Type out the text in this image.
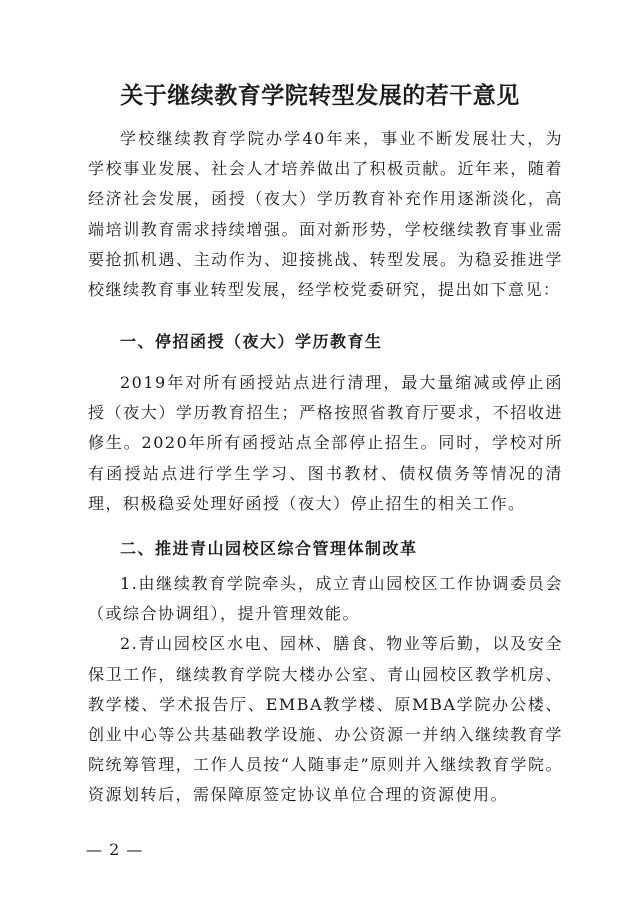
关于继续教育学院转型发展的若干意见

学校继续教育学院办学40年来，事业不断发展壮大，为学校事业发展、社会人才培养做出了积极贡献。近年来，随着经济社会发展，函授（夜大）学历教育补充作用逐渐淡化，高端培训教育需求持续增强。面对新形势，学校继续教育事业需要抢抓机遇、主动作为、迎接挑战、转型发展。为稳妥推进学校继续教育事业转型发展，经学校党委研究，提出如下意见：

一、停招函授（夜大）学历教育生

2019年对所有函授站点进行清理，最大量缩减或停止函授（夜大）学历教育招生；严格按照省教育厅要求，不招收进修生。2020年所有函授站点全部停止招生。同时，学校对所有函授站点进行学生学习、图书教材、债权债务等情况的清理，积极稳妥处理好函授（夜大）停止招生的相关工作。

二、推进青山园校区综合管理体制改革

1.由继续教育学院牵头，成立青山园校区工作协调委员会（或综合协调组），提升管理效能。

2.青山园校区水电、园林、膳食、物业等后勤，以及安全保卫工作，继续教育学院大楼办公室、青山园校区教学机房、教学楼、学术报告厅、EMBA教学楼、原MBA学院办公楼、创业中心等公共基础教学设施、办公资源一并纳入继续教育学院统筹管理，工作人员按“人随事走”原则并入继续教育学院。资源划转后，需保障原签定协议单位合理的资源使用。

— 2 —
